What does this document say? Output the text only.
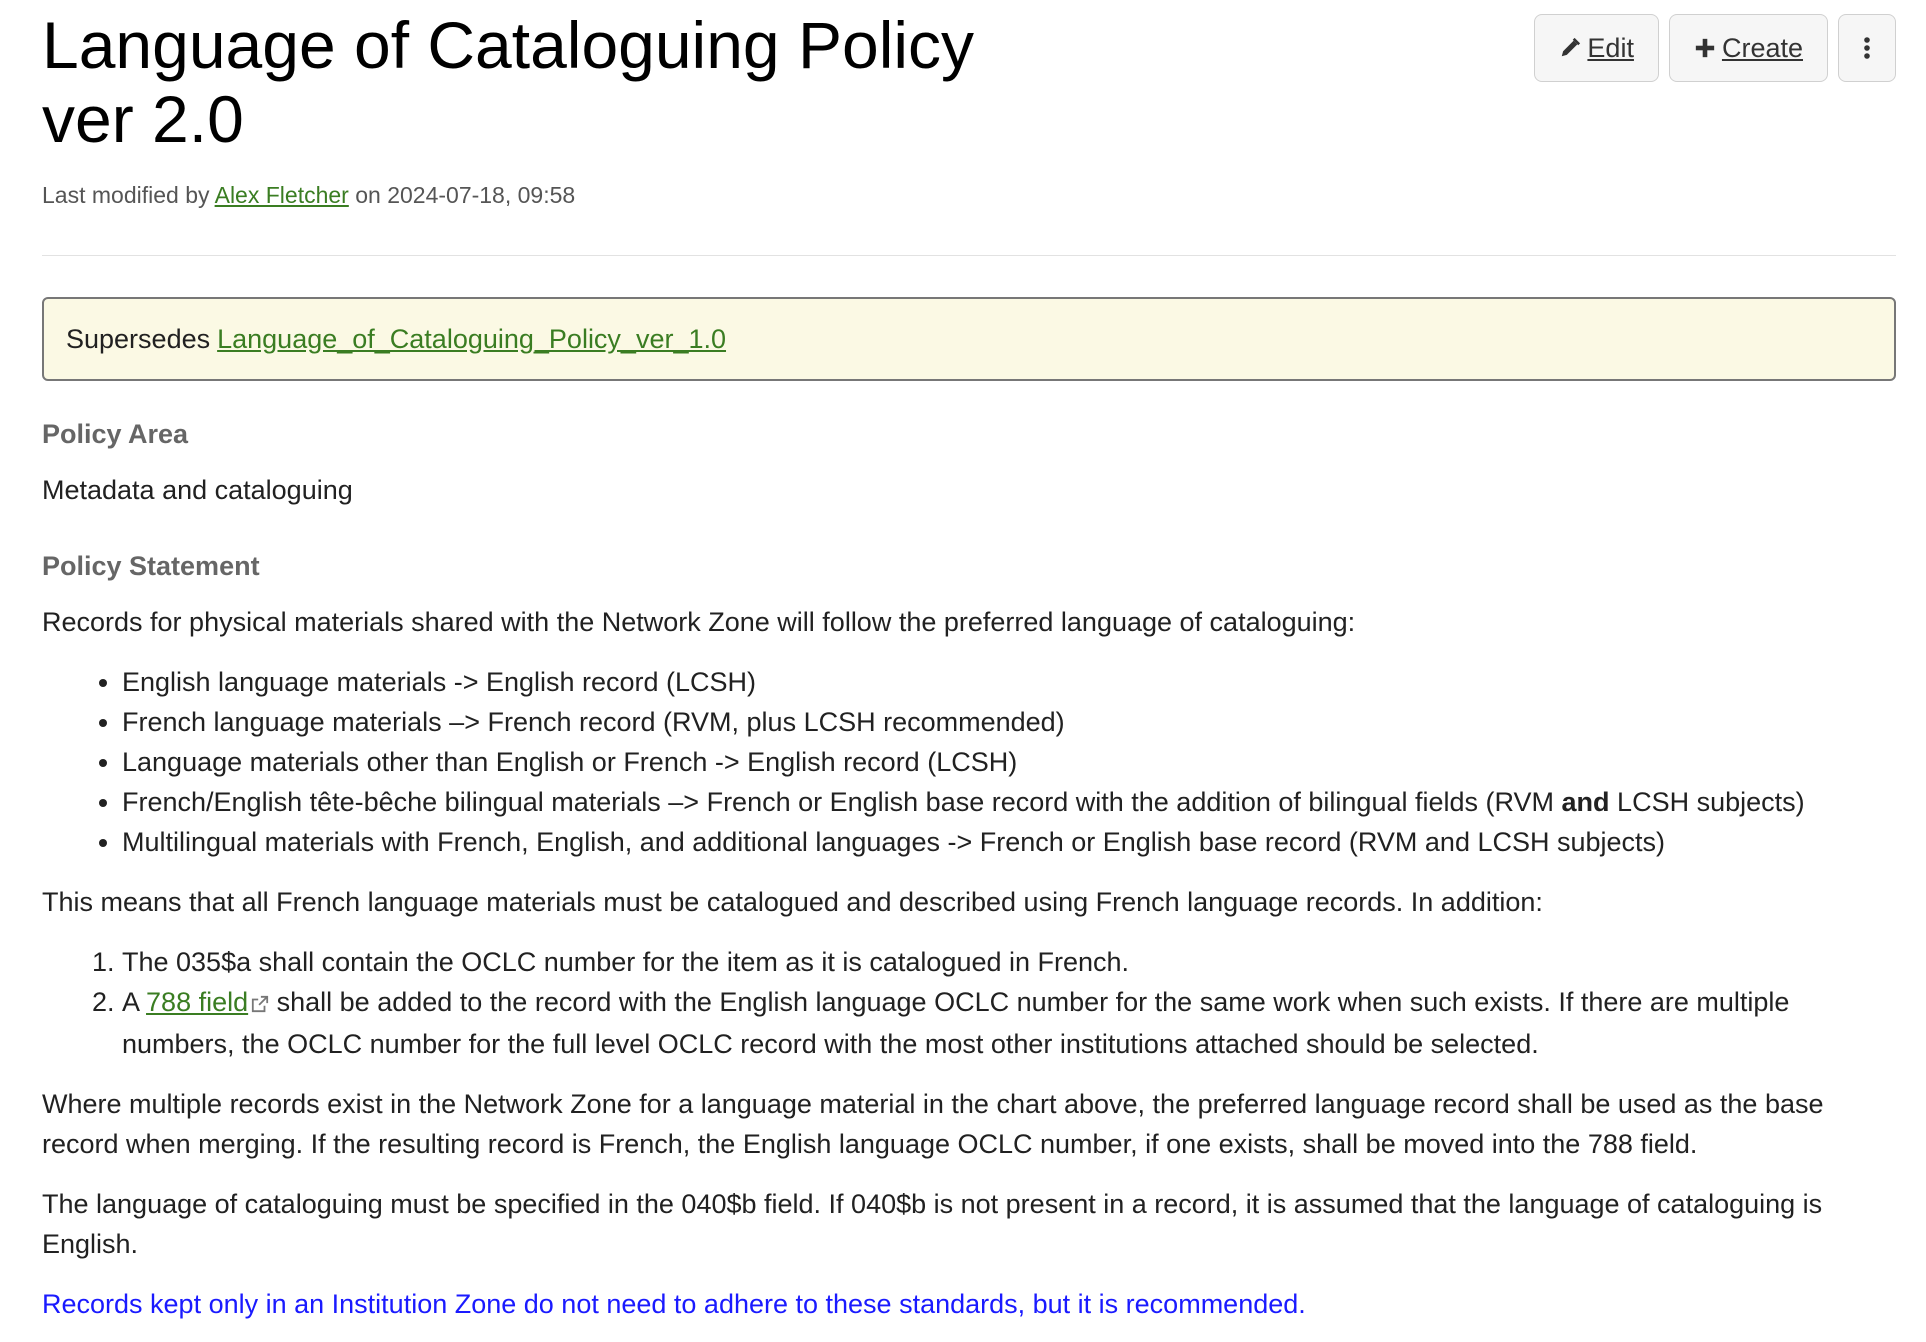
Language of Cataloguing Policy ver 2.0
Last modified by Alex Fletcher on 2024-07-18, 09:58
Edit	Create
Supersedes Language_of_Cataloguing_Policy_ver_1.0
Policy Area

Metadata and cataloguing

Policy Statement

Records for physical materials shared with the Network Zone will follow the preferred language of cataloguing:

• English language materials -> English record (LCSH)
• French language materials –> French record (RVM, plus LCSH recommended)
• Language materials other than English or French -> English record (LCSH)
• French/English tête-bêche bilingual materials –> French or English base record with the addition of bilingual fields (RVM and LCSH subjects)
• Multilingual materials with French, English, and additional languages -> French or English base record (RVM and LCSH subjects)

This means that all French language materials must be catalogued and described using French language records. In addition:

1. The 035$a shall contain the OCLC number for the item as it is catalogued in French.
2. A 788 field shall be added to the record with the English language OCLC number for the same work when such exists. If there are multiple numbers, the OCLC number for the full level OCLC record with the most other institutions attached should be selected.

Where multiple records exist in the Network Zone for a language material in the chart above, the preferred language record shall be used as the base record when merging. If the resulting record is French, the English language OCLC number, if one exists, shall be moved into the 788 field.

The language of cataloguing must be specified in the 040$b field. If 040$b is not present in a record, it is assumed that the language of cataloguing is English.

Records kept only in an Institution Zone do not need to adhere to these standards, but it is recommended.
